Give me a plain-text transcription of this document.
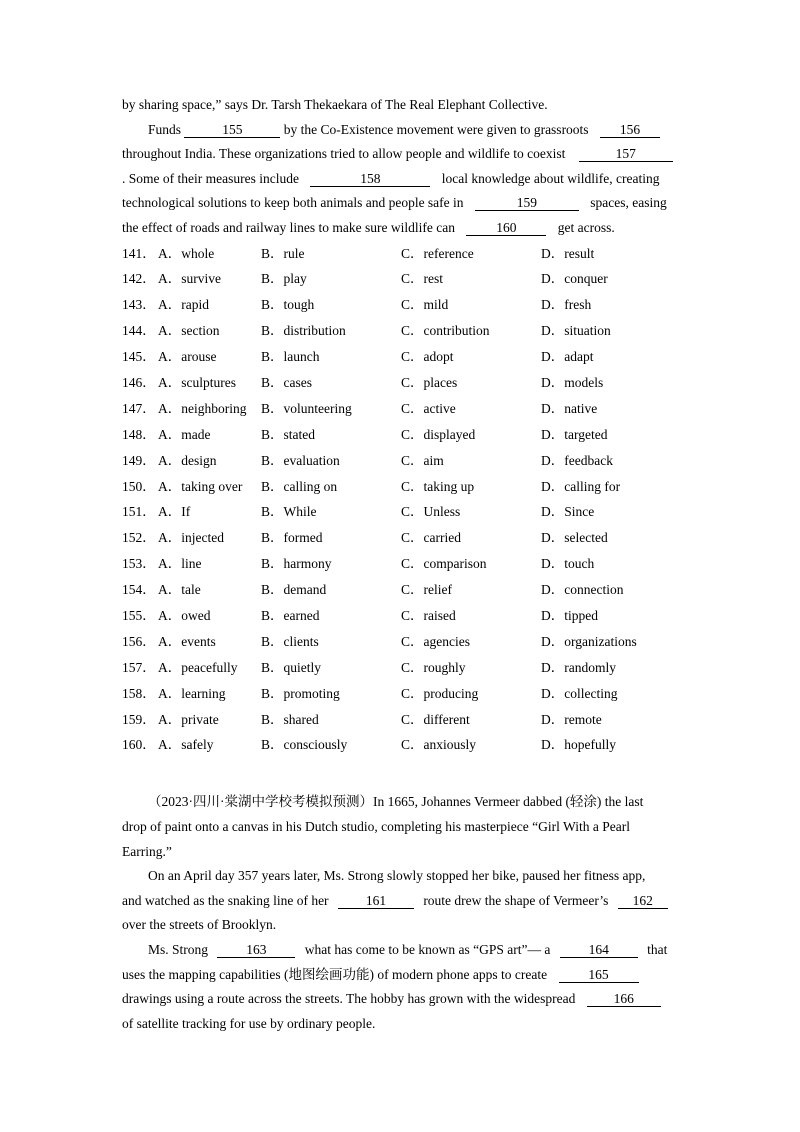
by sharing space,” says Dr. Tarsh Thekaekara of The Real Elephant Collective.

Funds	155	by the Co-Existence movement were given to grassroots 156

throughout India. These organizations tried to allow people and wildlife to coexist	157

. Some of their measures include	158	local knowledge about wildlife, creating

technological solutions to keep both animals and people safe in	159	spaces, easing

the effect of roads and railway lines to make sure wildlife can	160	get across.

141． A．whole	B．rule	C．reference	D．result
142． A．survive	B．play	C．rest	D．conquer
143． A．rapid	B．tough	C．mild	D．fresh
144． A．section	B．distribution	C．contribution	D．situation
145． A．arouse	B．launch	C．adopt	D．adapt
146． A．sculptures	B．cases	C．places	D．models
147． A．neighboring	B．volunteering	C．active	D．native
148． A．made	B．stated	C．displayed	D．targeted
149． A．design	B．evaluation	C．aim	D．feedback
150． A．taking over	B．calling on	C．taking up	D．calling for
151． A．If	B．While	C．Unless	D．Since
152． A．injected	B．formed	C．carried	D．selected
153． A．line	B．harmony	C．comparison	D．touch
154． A．tale	B．demand	C．relief	D．connection
155． A．owed	B．earned	C．raised	D．tipped
156． A．events	B．clients	C．agencies	D．organizations
157． A．peacefully	B．quietly	C．roughly	D．randomly
158． A．learning	B．promoting	C．producing	D．collecting
159． A．private	B．shared	C．different	D．remote
160． A．safely	B．consciously	C．anxiously	D．hopefully

（2023·四川·棠湖中学校考模拟预测）In 1665, Johannes Vermeer dabbed (轻涂) the last

drop of paint onto a canvas in his Dutch studio, completing his masterpiece “Girl With a Pearl

Earring.”

On an April day 357 years later, Ms. Strong slowly stopped her bike, paused her fitness app,

and watched as the snaking line of her	161	route drew the shape of Vermeer’s 162

over the streets of Brooklyn.

Ms. Strong	163	what has come to be known as “GPS art”— a	164	that

uses the mapping capabilities (地图绘画功能) of modern phone apps to create	165

drawings using a route across the streets. The hobby has grown with the widespread	166

of satellite tracking for use by ordinary people.
